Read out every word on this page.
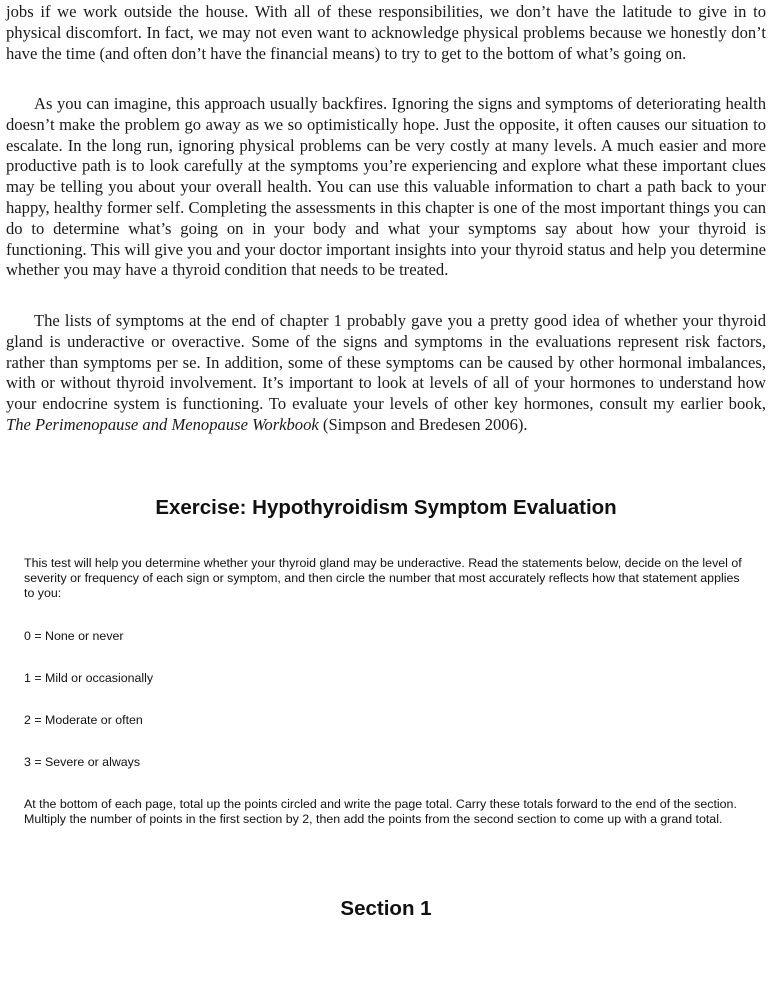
jobs if we work outside the house. With all of these responsibilities, we don’t have the latitude to give in to physical discomfort. In fact, we may not even want to acknowledge physical problems because we honestly don’t have the time (and often don’t have the financial means) to try to get to the bottom of what’s going on.

As you can imagine, this approach usually backfires. Ignoring the signs and symptoms of deteriorating health doesn’t make the problem go away as we so optimistically hope. Just the opposite, it often causes our situation to escalate. In the long run, ignoring physical problems can be very costly at many levels. A much easier and more productive path is to look carefully at the symptoms you’re experiencing and explore what these important clues may be telling you about your overall health. You can use this valuable information to chart a path back to your happy, healthy former self. Completing the assessments in this chapter is one of the most important things you can do to determine what’s going on in your body and what your symptoms say about how your thyroid is functioning. This will give you and your doctor important insights into your thyroid status and help you determine whether you may have a thyroid condition that needs to be treated.

The lists of symptoms at the end of chapter 1 probably gave you a pretty good idea of whether your thyroid gland is underactive or overactive. Some of the signs and symptoms in the evaluations represent risk factors, rather than symptoms per se. In addition, some of these symptoms can be caused by other hormonal imbalances, with or without thyroid involvement. It’s important to look at levels of all of your hormones to understand how your endocrine system is functioning. To evaluate your levels of other key hormones, consult my earlier book, The Perimenopause and Menopause Workbook (Simpson and Bredesen 2006).

Exercise: Hypothyroidism Symptom Evaluation

This test will help you determine whether your thyroid gland may be underactive. Read the statements below, decide on the level of severity or frequency of each sign or symptom, and then circle the number that most accurately reflects how that statement applies to you:

0 = None or never

1 = Mild or occasionally

2 = Moderate or often

3 = Severe or always

At the bottom of each page, total up the points circled and write the page total. Carry these totals forward to the end of the section. Multiply the number of points in the first section by 2, then add the points from the second section to come up with a grand total.

Section 1
